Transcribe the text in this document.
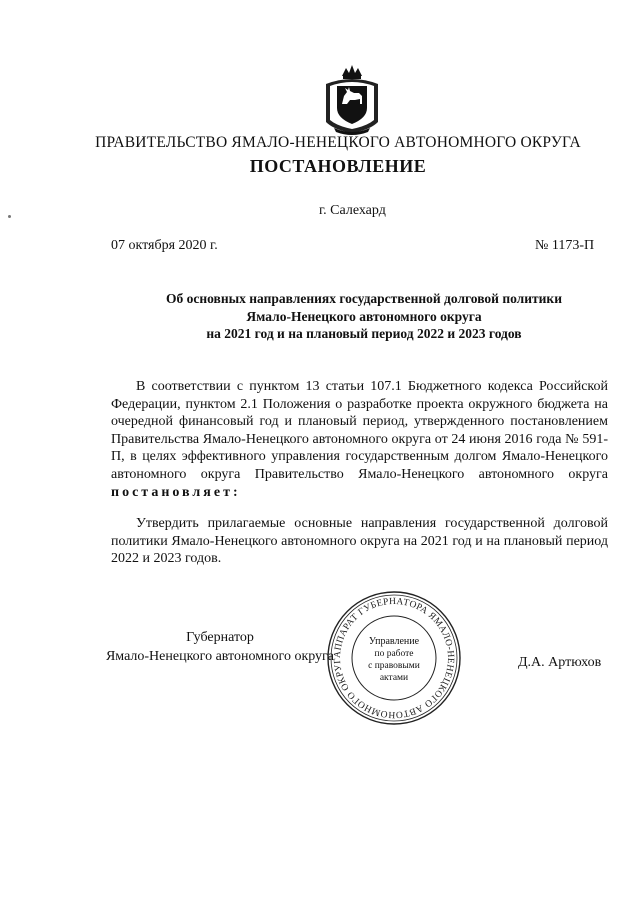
ПРАВИТЕЛЬСТВО ЯМАЛО-НЕНЕЦКОГО АВТОНОМНОГО ОКРУГА
ПОСТАНОВЛЕНИЕ
г. Салехард
07 октября 2020 г.	№ 1173-П
Об основных направлениях государственной долговой политики
Ямало-Ненецкого автономного округа
на 2021 год и на плановый период 2022 и 2023 годов
В соответствии с пунктом 13 статьи 107.1 Бюджетного кодекса Российской Федерации, пунктом 2.1 Положения о разработке проекта окружного бюджета на очередной финансовый год и плановый период, утвержденного постановлением Правительства Ямало-Ненецкого автономного округа от 24 июня 2016 года № 591-П, в целях эффективного управления государственным долгом Ямало-Ненецкого автономного округа Правительство Ямало-Ненецкого автономного округа постановляет:
Утвердить прилагаемые основные направления государственной долговой политики Ямало-Ненецкого автономного округа на 2021 год и на плановый период 2022 и 2023 годов.
Губернатор
Ямало-Ненецкого автономного округа	Д.А. Артюхов
АППАРАТ ГУБЕРНАТОРА ЯМАЛО-НЕНЕЦКОГО АВТОНОМНОГО ОКРУГ
Управление
по работе
с правовыми
актами
